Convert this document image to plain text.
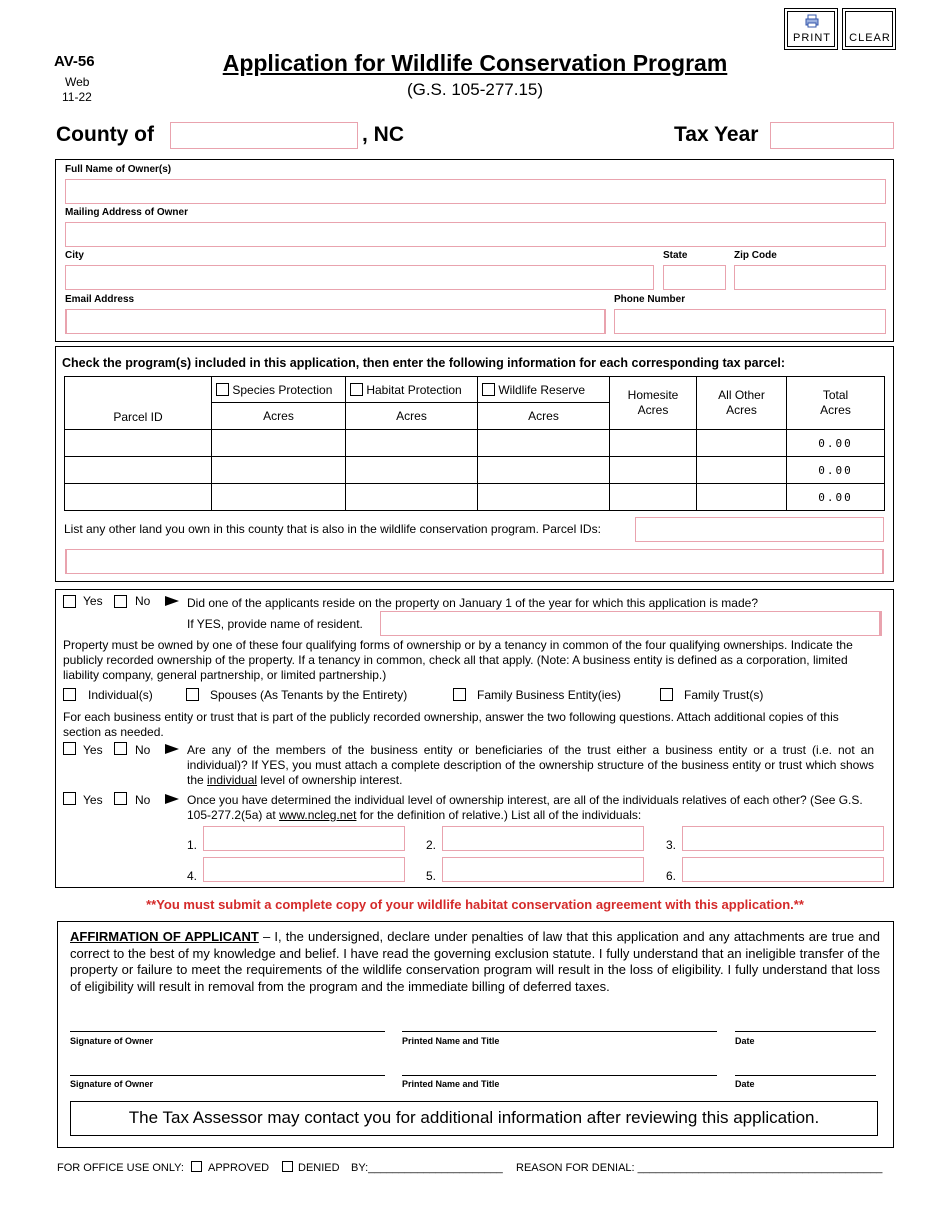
AV-56
Web
11-22
Application for Wildlife Conservation Program
(G.S. 105-277.15)
PRINT	CLEAR
County of	, NC	Tax Year
Full Name of Owner(s)
Mailing Address of Owner
City	State	Zip Code
Email Address	Phone Number
Check the program(s) included in this application, then enter the following information for each corresponding tax parcel:
Parcel ID	Species Protection	Habitat Protection	Wildlife Reserve	Homesite Acres	All Other Acres	Total Acres

	Acres	Acres	Acres			
						0.00
						0.00
						0.00
List any other land you own in this county that is also in the wildlife conservation program. Parcel IDs:
Yes	No	Did one of the applicants reside on the property on January 1 of the year for which this application is made?
If YES, provide name of resident.

Property must be owned by one of these four qualifying forms of ownership or by a tenancy in common of the four qualifying ownerships. Indicate the publicly recorded ownership of the property. If a tenancy in common, check all that apply. (Note: A business entity is defined as a corporation, limited liability company, general partnership, or limited partnership.)

Individual(s)	Spouses (As Tenants by the Entirety)	Family Business Entity(ies)	Family Trust(s)

For each business entity or trust that is part of the publicly recorded ownership, answer the two following questions. Attach additional copies of this section as needed.

Yes	No	Are any of the members of the business entity or beneficiaries of the trust either a business entity or a trust (i.e. not an individual)? If YES, you must attach a complete description of the ownership structure of the business entity or trust which shows the individual level of ownership interest.

Yes	No	Once you have determined the individual level of ownership interest, are all of the individuals relatives of each other? (See G.S. 105-277.2(5a) at www.ncleg.net for the definition of relative.) List all of the individuals:

1.	2.	3.
4.	5.	6.
**You must submit a complete copy of your wildlife habitat conservation agreement with this application.**

AFFIRMATION OF APPLICANT – I, the undersigned, declare under penalties of law that this application and any attachments are true and correct to the best of my knowledge and belief. I have read the governing exclusion statute. I fully understand that an ineligible transfer of the property or failure to meet the requirements of the wildlife conservation program will result in the loss of eligibility. I fully understand that loss of eligibility will result in removal from the program and the immediate billing of deferred taxes.

Signature of Owner	Printed Name and Title	Date
Signature of Owner	Printed Name and Title	Date
The Tax Assessor may contact you for additional information after reviewing this application.
FOR OFFICE USE ONLY: APPROVED	DENIED BY:______________________ REASON FOR DENIAL: ________________________________________
